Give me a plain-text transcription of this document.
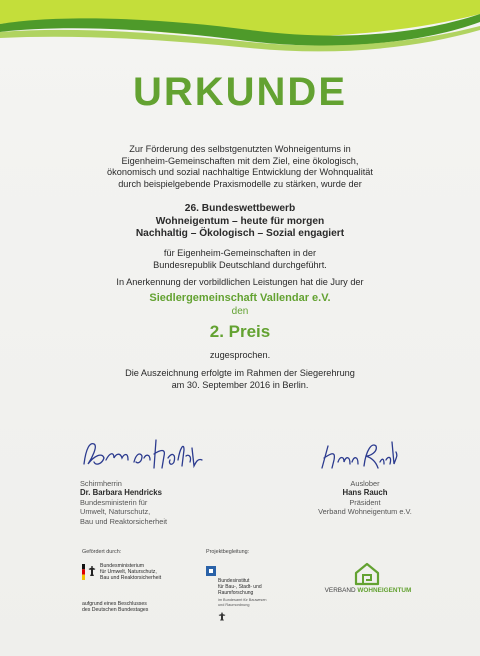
URKUNDE
Zur Förderung des selbstgenutzten Wohneigentums in
Eigenheim-Gemeinschaften mit dem Ziel, eine ökologisch,
ökonomisch und sozial nachhaltige Entwicklung der Wohnqualität
durch beispielgebende Praxismodelle zu stärken, wurde der
26. Bundeswettbewerb
Wohneigentum – heute für morgen
Nachhaltig – Ökologisch – Sozial engagiert
für Eigenheim-Gemeinschaften in der
Bundesrepublik Deutschland durchgeführt.
In Anerkennung der vorbildlichen Leistungen hat die Jury der
Siedlergemeinschaft Vallendar e.V.
den
2. Preis
zugesprochen.
Die Auszeichnung erfolgte im Rahmen der Siegerehrung
am 30. September 2016 in Berlin.
Schirmherrin
Dr. Barbara Hendricks
Bundesministerin für
Umwelt, Naturschutz,
Bau und Reaktorsicherheit
Auslober
Hans Rauch
Präsident
Verband Wohneigentum e.V.
Gefördert durch:	Projektbegleitung:
Bundesministerium
für Umwelt, Naturschutz,
Bau und Reaktorsicherheit
aufgrund eines Beschlusses
des Deutschen Bundestages
Bundesinstitut
für Bau-, Stadt- und
Raumforschung
im Bundesamt für Bauwesen
und Raumordnung
VERBAND WOHNEIGENTUM
